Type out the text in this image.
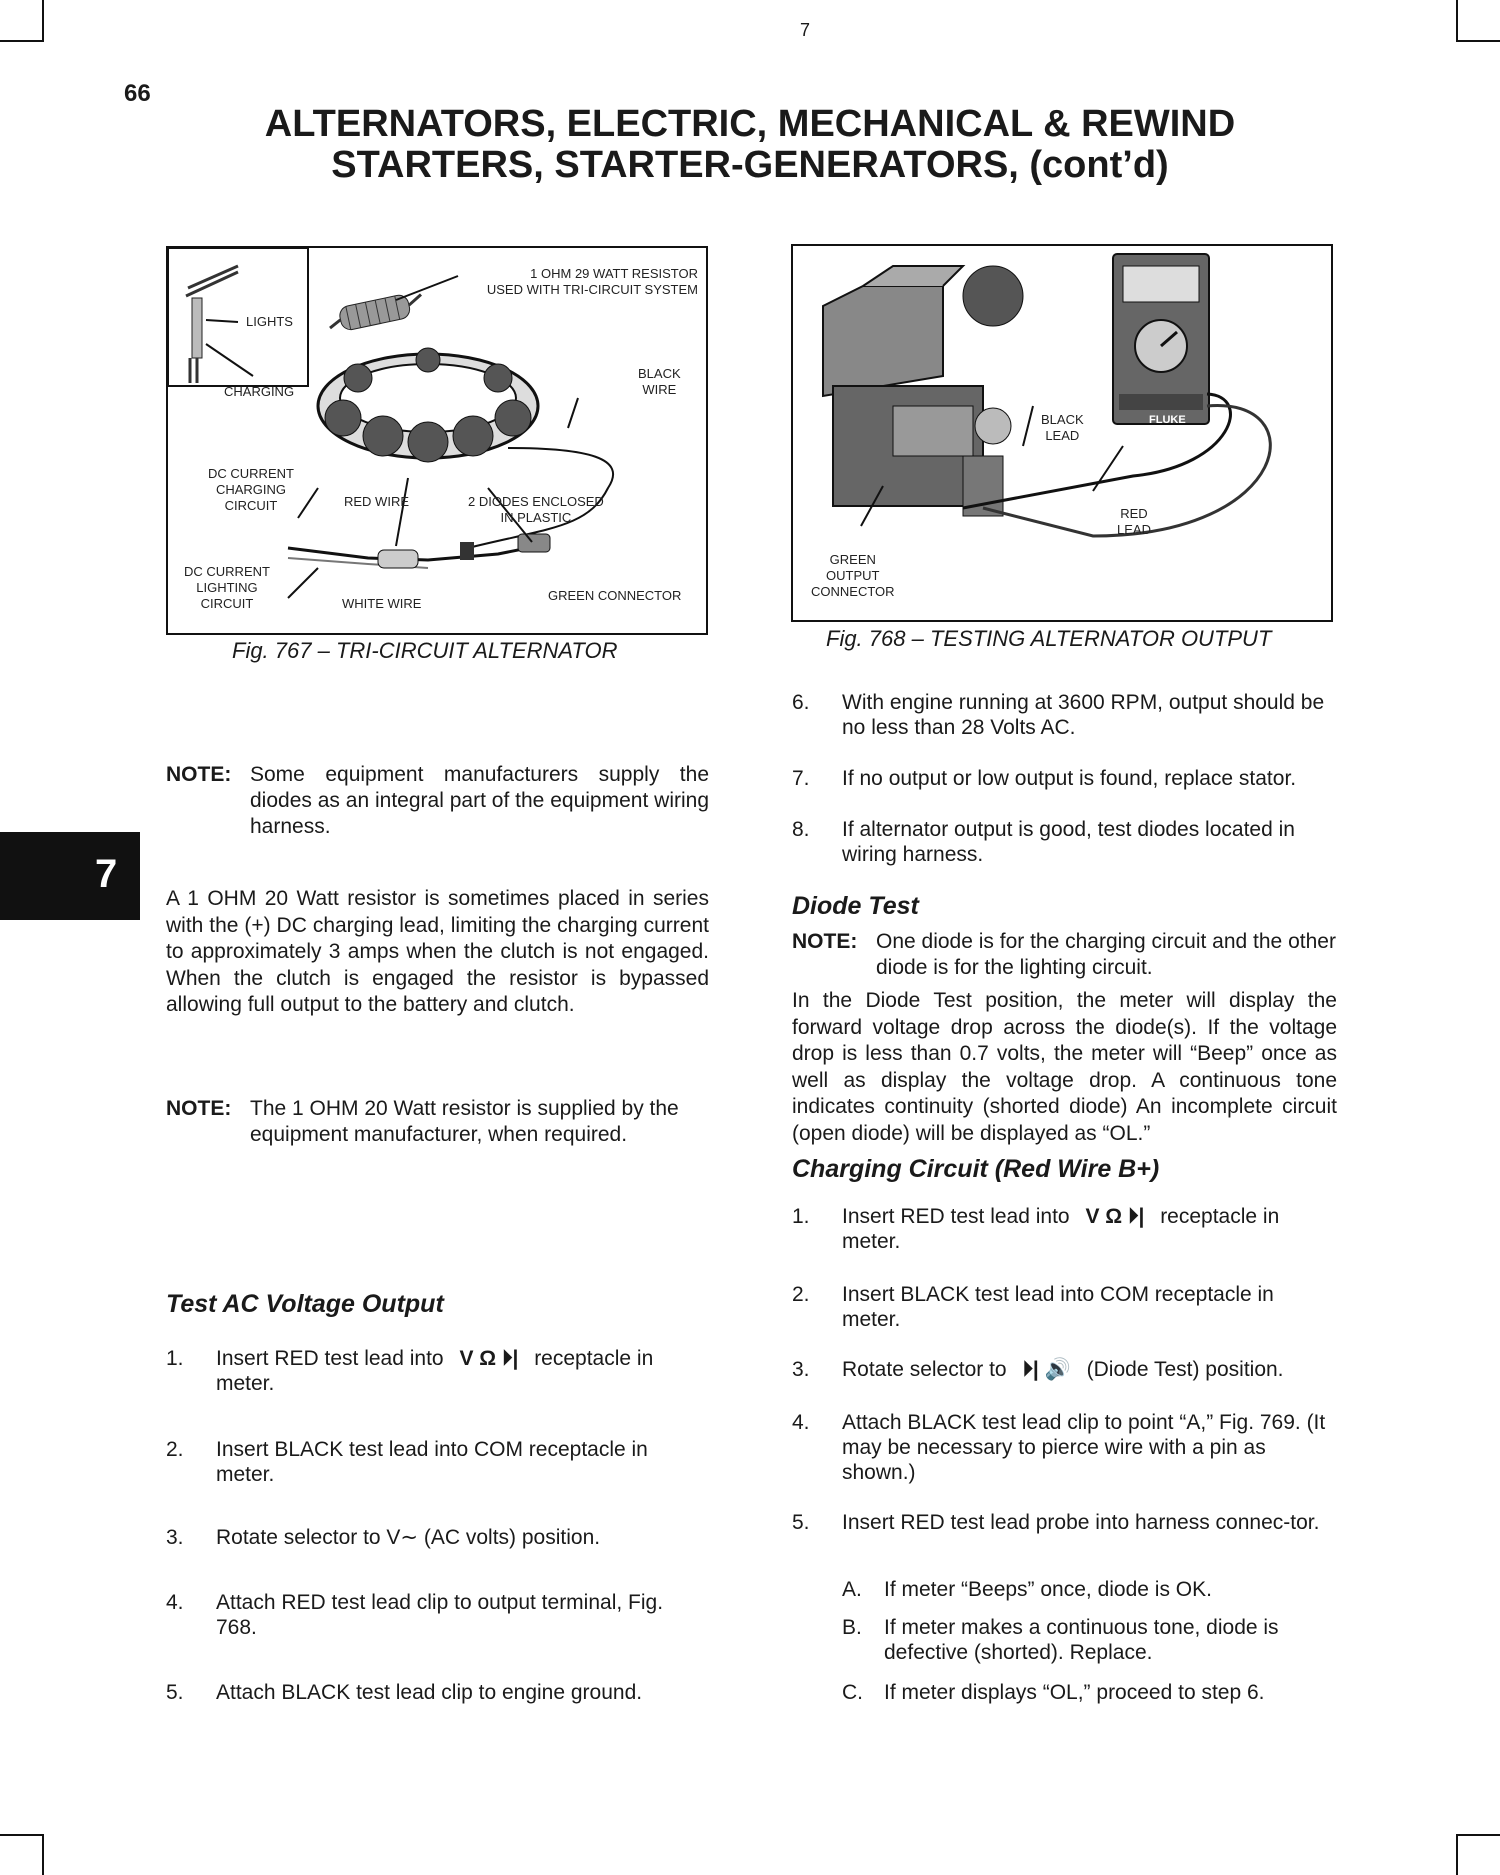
7
66
ALTERNATORS, ELECTRIC, MECHANICAL & REWIND
STARTERS, STARTER-GENERATORS, (cont’d)
7
1 OHM 29 WATT RESISTOR
USED WITH TRI-CIRCUIT SYSTEM
LIGHTS
CHARGING
BLACK
WIRE
DC CURRENT
CHARGING
CIRCUIT	RED WIRE	2 DIODES ENCLOSED
IN PLASTIC
DC CURRENT
LIGHTING
CIRCUIT	WHITE WIRE
GREEN CONNECTOR
Fig. 767 – TRI-CIRCUIT ALTERNATOR
FLUKE
BLACK
LEAD
RED
LEAD
GREEN
OUTPUT
CONNECTOR
Fig. 768 – TESTING ALTERNATOR OUTPUT
NOTE: Some equipment manufacturers supply the diodes as an integral part of the equipment wiring harness.
A 1 OHM 20 Watt resistor is sometimes placed in series with the (+) DC charging lead, limiting the charging current to approximately 3 amps when the clutch is not engaged. When the clutch is engaged the resistor is bypassed allowing full output to the battery and clutch.
NOTE: The 1 OHM 20 Watt resistor is supplied by the equipment manufacturer, when required.
Test AC Voltage Output
1. Insert RED test lead into V Ω ⏵| receptacle in meter.
2. Insert BLACK test lead into COM receptacle in meter.
3. Rotate selector to V∼ (AC volts) position.
4. Attach RED test lead clip to output terminal, Fig. 768.
5. Attach BLACK test lead clip to engine ground.
6. With engine running at 3600 RPM, output should be no less than 28 Volts AC.
7. If no output or low output is found, replace stator.
8. If alternator output is good, test diodes located in wiring harness.
Diode Test
NOTE: One diode is for the charging circuit and the other diode is for the lighting circuit.
In the Diode Test position, the meter will display the forward voltage drop across the diode(s). If the voltage drop is less than 0.7 volts, the meter will “Beep” once as well as display the voltage drop. A continuous tone indicates continuity (shorted diode) An incomplete circuit (open diode) will be displayed as “OL.”
Charging Circuit (Red Wire B+)
1. Insert RED test lead into V Ω ⏵| receptacle in meter.
2. Insert BLACK test lead into COM receptacle in meter.
3. Rotate selector to ⏵| 🔊 (Diode Test) position.
4. Attach BLACK test lead clip to point “A,” Fig. 769. (It may be necessary to pierce wire with a pin as shown.)
5. Insert RED test lead probe into harness connec-tor.
A. If meter “Beeps” once, diode is OK.
B. If meter makes a continuous tone, diode is defective (shorted). Replace.
C. If meter displays “OL,” proceed to step 6.
